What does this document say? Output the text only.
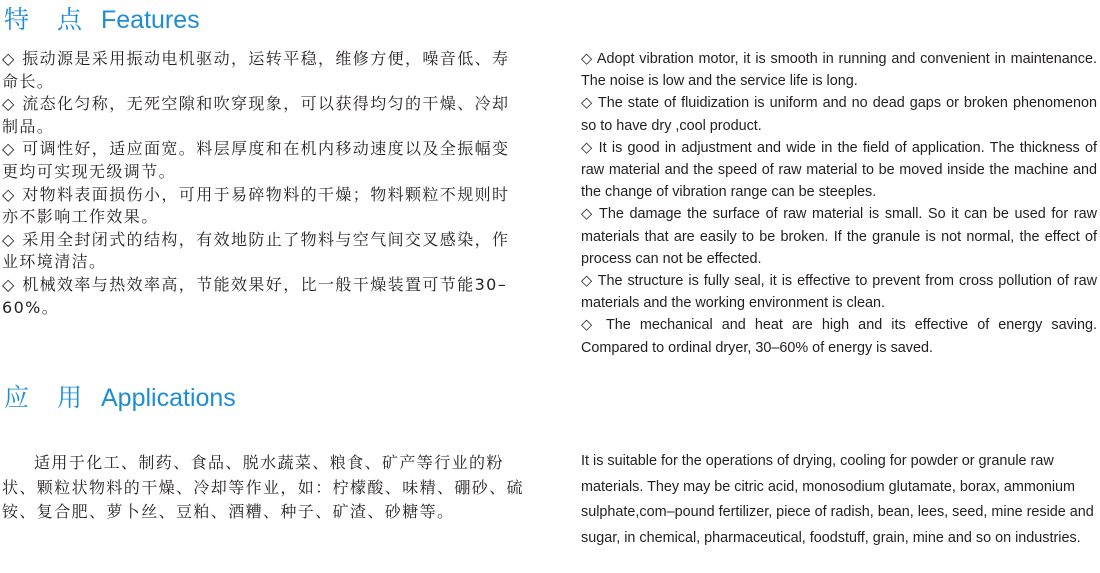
特 点 Features

◇ 振动源是采用振动电机驱动，运转平稳，维修方便，噪音低、寿命长。

◇ 流态化匀称，无死空隙和吹穿现象，可以获得均匀的干燥、冷却制品。

◇ 可调性好，适应面宽。料层厚度和在机内移动速度以及全振幅变更均可实现无级调节。

◇ 对物料表面损伤小，可用于易碎物料的干燥；物料颗粒不规则时亦不影响工作效果。

◇ 采用全封闭式的结构，有效地防止了物料与空气间交叉感染，作业环境清洁。

◇ 机械效率与热效率高，节能效果好，比一般干燥装置可节能30–60%。

◇ Adopt vibration motor, it is smooth in running and convenient in maintenance. The noise is low and the service life is long.

◇ The state of fluidization is uniform and no dead gaps or broken phenomenon so to have dry ,cool product.

◇ It is good in adjustment and wide in the field of application. The thickness of raw material and the speed of raw material to be moved inside the machine and the change of vibration range can be steeples.

◇ The damage the surface of raw material is small. So it can be used for raw materials that are easily to be broken. If the granule is not normal, the effect of process can not be effected.

◇ The structure is fully seal, it is effective to prevent from cross pollution of raw materials and the working environment is clean.

◇ The mechanical and heat are high and its effective of energy saving. Compared to ordinal dryer, 30–60% of energy is saved.

应 用 Applications

适用于化工、制药、食品、脱水蔬菜、粮食、矿产等行业的粉状、颗粒状物料的干燥、冷却等作业，如：柠檬酸、味精、硼砂、硫铵、复合肥、萝卜丝、豆粕、酒糟、种子、矿渣、砂糖等。

It is suitable for the operations of drying, cooling for powder or granule raw materials. They may be citric acid, monosodium glutamate, borax, ammonium sulphate,com–pound fertilizer, piece of radish, bean, lees, seed, mine reside and sugar, in chemical, pharmaceutical, foodstuff, grain, mine and so on industries.
